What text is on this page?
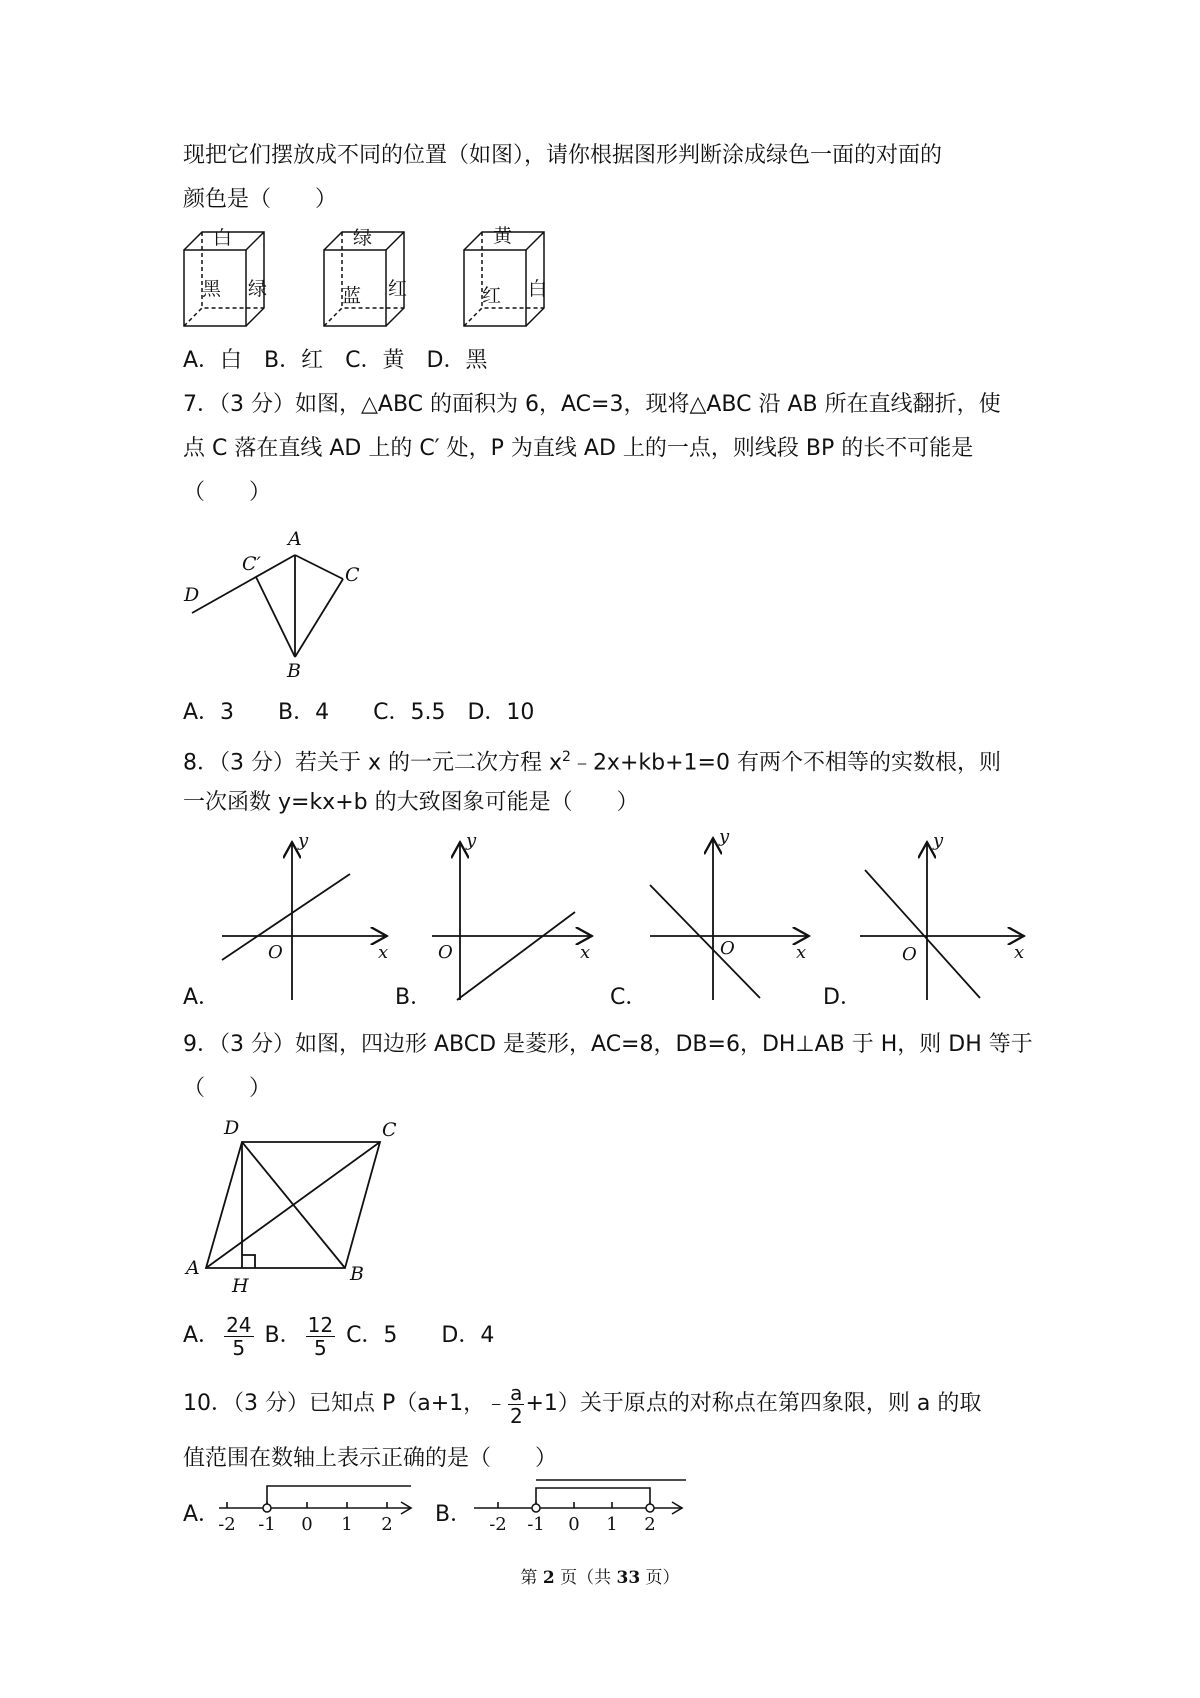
现把它们摆放成不同的位置（如图），请你根据图形判断涂成绿色一面的对面的
颜色是（　　）
白
黑 绿
绿
蓝 红
黄
红 白
A．白　B．红　C．黄　D．黑
7．（3 分）如图，△ABC 的面积为 6，AC=3，现将△ABC 沿 AB 所在直线翻折，使
点 C 落在直线 AD 上的 C′ 处，P 为直线 AD 上的一点，则线段 BP 的长不可能是
（　　）
A
C′	C
D
B
A．3　　B．4　　C．5.5　D．10
8．（3 分）若关于 x 的一元二次方程 $x^2﹣2x+kb+1=0$ 有两个不相等的实数根，则
一次函数 y=kx+b 的大致图象可能是（　　）
y
x
O
y
x
O
y
x
O
y
x
O
A．	B．	C．	D．
9．（3 分）如图，四边形 ABCD 是菱形，AC=8，DB=6，DH⊥AB 于 H，则 DH 等于
（　　）
D	C
A	B
H
A． $\frac{24}{5}$ B． $\frac{12}{5}$ C．5　　D．4
10．（3 分）已知点 P（a+1，﹣ $\frac{a}{2} +1$）关于原点的对称点在第四象限，则 a 的取
值范围在数轴上表示正确的是（　　）
A．
-2 -1 0 1 2 B． -2 -1 0 1 2
第 2 页（共 33 页）
